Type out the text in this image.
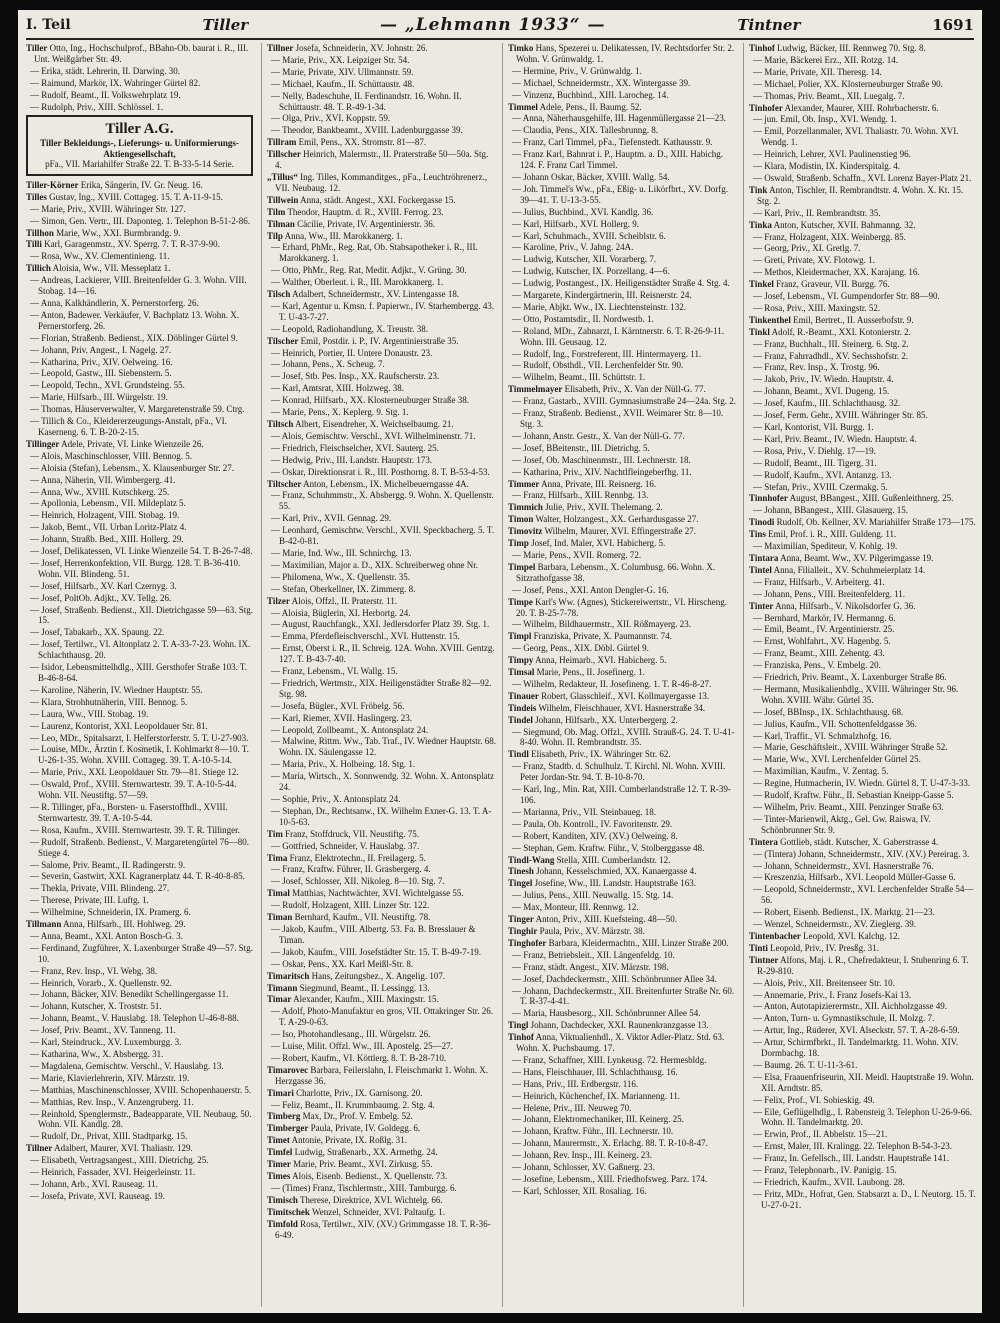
I. Teil	Tiller	— „Lehmann 1933“ —	Tintner	1691
Tiller Otto, Ing., Hochschulprof., BBahn-Ob. baurat i. R., III. Unt. Weißgärber Str. 49.
— Erika, städt. Lehrerin, II. Darwing. 30.
— Raimund, Markör, IX. Wahringer Gürtel 82.
— Rudolf, Beamt., II. Volkswehrplatz 19.
— Rudolph, Priv., XIII. Schlössel. 1.
Tiller A.G.
Tiller Bekleidungs-, Lieferungs- u. Uniformierungs-Aktiengesellschaft,
pFa., VII. Mariahilfer Straße 22. T. B-33-5-14 Serie.
Tiller-Körner Erika, Sängerin, IV. Gr. Neug. 16.
Tilles Gustav, Ing., XVIII. Cottageg. 15. T. A-11-9-15.
— Marie, Priv., XVIII. Währinger Str. 127.
— Simon, Gen. Vertr., III. Daponteg. 1. Telephon B-51-2-86.
Tillhon Marie, Ww., XXI. Burmbrandg. 9.
Tilli Karl, Garagenmstr., XV. Sperrg. 7. T. R-37-9-90.
— Rosa, Ww., XV. Clementinieng. 11.
Tillich Aloisia, Ww., VII. Messeplatz 1.
— Andreas, Lackierer, VIII. Breitenfelder G. 3. Wohn. VIII. Stobag. 14—16.
— Anna, Kalkhändlerin, X. Pernerstorferg. 26.
— Anton, Badewer. Verkäufer, V. Bachplatz 13. Wohn. X. Pernerstorferg. 26.
— Florian, Straßenb. Bedienst., XIX. Döblinger Gürtel 9.
— Johann, Priv. Angest., I. Nagelg. 27.
— Katharina, Priv., XIV. Oelweing. 16.
— Leopold, Gastw., III. Siebenstern. 5.
— Leopold, Techn., XVI. Grundsteing. 55.
— Marie, Hilfsarb., III. Würgelstr. 19.
— Thomas, Häuserverwalter, V. Margaretenstraße 59. Ctrg.
— Tillich & Co., Kleidererzeugungs-Anstalt, pFa., VI. Kaserneng. 6. T. B-20-2-15.
Tillinger Adele, Private, VI. Linke Wienzeile 26.
— Alois, Maschinschlosser, VIII. Bennog. 5.
— Aloisia (Stefan), Lebensm., X. Klausenburger Str. 27.
— Anna, Näherin, VII. Wimbergerg. 41.
— Anna, Ww., XVIII. Kutschkerg. 25.
— Apollonia, Lebensm., VII. Mildeplatz 5.
— Heinrich, Holzagent, VIII. Stobag. 19.
— Jakob, Bemt., VII. Urban Loritz-Platz 4.
— Johann, Straßb. Bed., XIII. Hollerg. 29.
— Josef, Delikatessen, VI. Linke Wienzeile 54. T. B-26-7-48.
— Josef, Herrenkonfektion, VII. Burgg. 128. T. B-36-410. Wohn. VII. Blindeng. 51.
— Josef, Hilfsarb., XV. Karl Czernyg. 3.
— Josef, PoltOb. Adjkt., XV. Tellg. 26.
— Josef, Straßenb. Bedienst., XII. Dietrichgasse 59—63. Stg. 15.
— Josef, Tabakarb., XX. Spaung. 22.
— Josef, Tertilwr., VI. Altonplatz 2. T. A-33-7-23. Wohn. IX. Schlachthausg. 20.
— Isidor, Lebensmittelhdlg., XIII. Gersthofer Straße 103. T. B-46-8-64.
— Karoline, Näherin, IV. Wiedner Hauptstr. 55.
— Klara, Strohhutnäherin, VIII. Bennog. 5.
— Laura, Ww., VIII. Stobag. 19.
— Laurenz, Kontorist, XXI. Leopoldauer Str. 81.
— Leo, MDr., Spitalsarzt, I. Helferstorferstr. 5. T. U-27-903.
— Louise, MDr., Ärztin f. Kosmetik, I. Kohlmarkt 8—10. T. U-26-1-35. Wohn. XVIII. Cottageg. 39. T. A-10-5-14.
— Marie, Priv., XXI. Leopoldauer Str. 79—81. Stiege 12.
— Oswald, Prof., XVIII. Sternwartestr. 39. T. A-10-5-44. Wohn. VII. Neustiftg. 57—59.
— R. Tillinger, pFa., Borsten- u. Faserstoffhdl., XVIII. Sternwartestr. 39. T. A-10-5-44.
— Rosa, Kaufm., XVIII. Sternwartestr. 39. T. R. Tillinger.
— Rudolf, Straßenb. Bedienst., V. Margaretengürtel 76—80. Stiege 4.
— Salome, Priv. Beamt., II. Radingerstr. 9.
— Severin, Gastwirt, XXI. Kagranerplatz 44. T. R-40-8-85.
— Thekla, Private, VIII. Blindeng. 27.
— Therese, Private, III. Luftg. 1.
— Wilhelmine, Schneiderin, IX. Pramerg. 6.
Tillmann Anna, Hilfsarb., III. Hohlweg. 29.
— Anna, Beamt., XXI. Anton Bosch-G. 3.
— Ferdinand, Zugführer, X. Laxenburger Straße 49—57. Stg. 10.
— Franz, Rev. Insp., VI. Webg. 38.
— Heinrich, Vorarb., X. Quellenstr. 92.
— Johann, Bäcker, XIV. Benedikt Schellingergasse 11.
— Johann, Kutscher, X. Troststr. 51.
— Johann, Beamt., V. Hauslabg. 18. Telephon U-46-8-88.
— Josef, Priv. Beamt., XV. Tanneng. 11.
— Karl, Steindruck., XV. Luxemburgg. 3.
— Katharina, Ww., X. Absbergg. 31.
— Magdalena, Gemischtw. Verschl., V. Hauslabg. 13.
— Marie, Klavierlehrerin, XIV. Märzstr. 19.
— Matthias, Maschinenschlosser, XVIII. Schopenhauerstr. 5.
— Matthias, Rev. Insp., V. Anzengruberg. 11.
— Reinhold, Spenglermstr., Badeapparate, VII. Neubaug. 50. Wohn. VII. Kandlg. 28.
— Rudolf, Dr., Privat, XIII. Stadtparkg. 15.
Tillner Adalbert, Maurer, XVI. Thaliastr. 129.
— Elisabeth, Vertragsangest., XIII. Dietrichg. 25.
— Heinrich, Fassader, XVI. Heigerleinstr. 11.
— Johann, Arb., XVI. Rauseag. 11.
— Josefa, Private, XVI. Rauseag. 19.
Tillner Josefa, Schneiderin, XV. Johnstr. 26.
— Marie, Priv., XX. Leipziger Str. 54.
— Marie, Private, XIV. Ullmannstr. 59.
— Michael, Kaufm., II. Schüttaustr. 48.
— Nelly, Badeschuhe, II. Ferdinandstr. 16. Wohn. II. Schüttaustr. 48. T. R-49-1-34.
— Olga, Priv., XVI. Koppstr. 59.
— Theodor, Bankbeamt., XVIII. Ladenburggasse 39.
Tillram Emil, Pens., XX. Stromstr. 81—87.
Tillscher Heinrich, Malermstr., II. Praterstraße 50—50a. Stg. 4.
„Tillus“ Ing. Tilles, Kommanditges., pFa., Leuchtröhrenerz., VII. Neubaug. 12.
Tillwein Anna, städt. Angest., XXI. Fockergasse 15.
Tilm Theodor, Hauptm. d. R., XVIII. Ferrog. 23.
Tilman Cäcilie, Private, IV. Argentinierstr. 36.
Tilp Anna, Ww., III. Marokkanerg. 1.
— Erhard, PhMr., Reg. Rat, Ob. Stabsapotheker i. R., III. Marokkanerg. 1.
— Otto, PhMr., Reg. Rat, Medit. Adjkt., V. Grüng. 30.
— Walther, Oberleut. i. R., III. Marokkanerg. 1.
Tilsch Adalbert, Schneidermstr., XV. Lintengasse 18.
— Karl, Agentur u. Kmsn. f. Papierwr., IV. Starhembergg. 43. T. U-43-7-27.
— Leopold, Radiohandlung, X. Treustr. 38.
Tilscher Emil, Postdir. i. P., IV. Argentinierstraße 35.
— Heinrich, Portier, II. Untere Donaustr. 23.
— Johann, Pens., X. Scheug. 7.
— Josef, Stb. Pes. Insp., XX. Raufscherstr. 23.
— Karl, Amtsrat, XIII. Holzweg. 38.
— Konrad, Hilfsarb., XX. Klosterneuburger Straße 38.
— Marie, Pens., X. Keplerg. 9. Stg. 1.
Tiltsch Albert, Eisendreher, X. Weichselbaumg. 21.
— Alois, Gemischtw. Verschl., XVI. Wilhelminenstr. 71.
— Friedrich, Fleischselcher, XVI. Sauterg. 25.
— Hedwig, Priv., III. Landstr. Hauptstr. 173.
— Oskar, Direktionsrat i. R., III. Posthorng. 8. T. B-53-4-53.
Tiltscher Anton, Lebensm., IX. Michelbeuerngasse 4A.
— Franz, Schuhmmstr., X. Absbergg. 9. Wohn. X. Quellenstr. 55.
— Karl, Priv., XVII. Gennag. 29.
— Leonhard, Gemischtw. Verschl., XVII. Speckbacherg. 5. T. B-42-0-81.
— Marie, Ind. Ww., III. Schnirchg. 13.
— Maximilian, Major a. D., XIX. Schreiberweg ohne Nr.
— Philomena, Ww., X. Quellenstr. 35.
— Stefan, Oberkellner, IX. Zimmerg. 8.
Tilzer Alois, Offzl., II. Praterstr. 11.
— Aloisia, Büglerin, XI. Herbortg. 24.
— August, Rauchfangk., XXI. Jedlersdorfer Platz 39. Stg. 1.
— Emma, Pferdefleischverschl., XVI. Huttenstr. 15.
— Ernst, Oberst i. R., II. Schreig. 12A. Wohn. XVIII. Gentzg. 127. T. B-43-7-40.
— Franz, Lebensm., VI. Wallg. 15.
— Friedrich, Wertmstr., XIX. Heiligenstädter Straße 82—92. Stg. 98.
— Josefa, Bügler., XVI. Fröbelg. 56.
— Karl, Riemer, XVII. Haslingerg. 23.
— Leopold, Zollbeamt., X. Antonsplatz 24.
— Malwine, Rittm. Ww., Tab. Traf., IV. Wiedner Hauptstr. 68. Wohn. IX. Säulengasse 12.
— Maria, Priv., X. Holbeing. 18. Stg. 1.
— Maria, Wirtsch., X. Sonnwendg. 32. Wohn. X. Antonsplatz 24.
— Sophie, Priv., X. Antonsplatz 24.
— Stephan, Dr., Rechtsanw., IX. Wilhelm Exner-G. 13. T. A-10-5-63.
Tim Franz, Stoffdruck, VII. Neustiftg. 75.
— Gottfried, Schneider, V. Hauslabg. 37.
Tima Franz, Elektrotechn., II. Freilagerg. 5.
— Franz, Kraftw. Führer, II. Grasbergerg. 4.
— Josef, Schlosser, XII. Nikoleg. 8—10. Stg. 7.
Timal Matthias, Nachtwächter, XVI. Wichtelgasse 55.
— Rudolf, Holzagent, XIII. Linzer Str. 122.
Timan Bernhard, Kaufm., VII. Neustiftg. 78.
— Jakob, Kaufm., VIII. Albertg. 53. Fa. B. Bresslauer & Timan.
— Jakob, Kaufm., VIII. Josefstädter Str. 15. T. B-49-7-19.
— Oskar, Pens., XX. Karl Meißl-Str. 8.
Timaritsch Hans, Zeitungsbez., X. Angelig. 107.
Timann Siegmund, Beamt., II. Lessingg. 13.
Timar Alexander, Kaufm., XIII. Maxingstr. 15.
— Adolf, Photo-Manufaktur en gros, VII. Ottakringer Str. 26. T. A-29-0-63.
— Iso, Photohandlesang., III. Würgelstr. 26.
— Luise, Milit. Offzl. Ww., III. Apostelg. 25—27.
— Robert, Kaufm., VI. Köttlerg. 8. T. B-28-710.
Timarovec Barbara, Feilerslahn, I. Fleischmarkt 1. Wohn. X. Herzgasse 36.
Timari Charlotte, Priv., IX. Garnisong. 20.
— Feliz, Beamt., II. Krummbaumg. 2. Stg. 4.
Timberg Max, Dr., Prof. V. Embelg. 52.
Timberger Paula, Private, IV. Goldegg. 6.
Timet Antonie, Private, IX. Roßlg. 31.
Timfel Ludwig, Straßenarb., XX. Armethg. 24.
Timer Marie, Priv. Beamt., XVI. Zirkusg. 55.
Times Alois, Eisenb. Bedienst., X. Quellenstr. 73.
— (Times) Franz, Tischlermstr., XIII. Tamburgg. 6.
Timisch Therese, Direktrice, XVI. Wichtelg. 66.
Timitschek Wenzel, Schneider, XVI. Paltaufg. 1.
Timfold Rosa, Tertilwr., XIV. (XV.) Grimmgasse 18. T. R-36-6-49.
Timko Hans, Spezerei u. Delikatessen, IV. Rechtsdorfer Str. 2. Wohn. V. Grünwaldg. 1.
— Hermine, Priv., V. Grünwaldg. 1.
— Michael, Schneidermstr., XX. Wintergasse 39.
— Vinzenz, Buchbind., XIII. Larocheg. 14.
Timmel Adele, Pens., II. Baumg. 52.
— Anna, Näherhausgehilfe, III. Hagenmüllergasse 21—23.
— Claudia, Pens., XIX. Tallesbrunng. 8.
— Franz, Carl Timmel, pFa., Tiefenstedt. Kathausstr. 9.
— Franz Karl, Bahnrat i. P., Hauptm. a. D., XIII. Habichg. 124. F. Franz Carl Timmel.
— Johann Oskar, Bäcker, XVIII. Wallg. 54.
— Joh. Timmel's Ww., pFa., Eßig- u. Likörfbrt., XV. Dorfg. 39—41. T. U-13-3-55.
— Julius, Buchbind., XVI. Kandlg. 36.
— Karl, Hilfsarb., XVI. Hollerg. 9.
— Karl, Schuhmach., XVIII. Scheiblstr. 6.
— Karoline, Priv., V. Jahng. 24A.
— Ludwig, Kutscher, XII. Vorarberg. 7.
— Ludwig, Kutscher, IX. Porzellang. 4—6.
— Ludwig, Postangest., IX. Heiligenstädter Straße 4. Stg. 4.
— Margarete, Kindergärtnerin, III. Reisnerstr. 24.
— Marie, Abjkt. Ww., IX. Liechtensteinstr. 132.
— Otto, Postamtsdir., II. Nordwestb. 1.
— Roland, MDr., Zahnarzt, I. Kärntnerstr. 6. T. R-26-9-11. Wohn. III. Geusaug. 12.
— Rudolf, Ing., Forstreferent, III. Hintermayerg. 11.
— Rudolf, Obsthdl., VII. Lerchenfelder Str. 90.
— Wilhelm, Beamt., III. Schüttstr. 1.
Timmelmayer Elisabeth, Priv., X. Van der Nüll-G. 77.
— Franz, Gastarb., XVIII. Gymnasiumstraße 24—24a. Stg. 2.
— Franz, Straßenb. Bedienst., XVII. Weimarer Str. 8—10. Stg. 3.
— Johann, Anstr. Gestr., X. Van der Nüll-G. 77.
— Josef, BBeitenstr., III. Dietrichg. 5.
— Josef, Ob. Maschinenmstr., III. Lechnerstr. 18.
— Katharina, Priv., XIV. Nachtlfleingeberfhg. 11.
Timmer Anna, Private, III. Reisnerg. 16.
— Franz, Hilfsarb., XIII. Rennbg. 13.
Timmich Julie, Priv., XVII. Thelemang. 2.
Timon Walter, Holzangest., XX. Gerhardusgasse 27.
Timovitz Wilhelm, Maurer, XVI. Effingerstraße 27.
Timp Josef, Ind. Maler, XVI. Habicherg. 5.
— Marie, Pens., XVII. Romerg. 72.
Timpel Barbara, Lebensm., X. Columbusg. 66. Wohn. X. Sitzrathofgasse 38.
— Josef, Pens., XXI. Anton Dengler-G. 16.
Timpe Karl's Ww. (Agnes), Stickereiwertstr., VI. Hirscheng. 20. T. B-25-7-78.
— Wilhelm, Bildhauermstr., XII. Rößmayerg. 23.
Timpl Franziska, Private, X. Paumannstr. 74.
— Georg, Pens., XIX. Döbl. Gürtel 9.
Timpy Anna, Heimarb., XVI. Habicherg. 5.
Timsal Marie, Pens., II. Josefinerg. 1.
— Wilhelm, Redakteur, II. Josefineng. 1. T. R-46-8-27.
Tinauer Robert, Glasschleif., XVI. Kollmayergasse 13.
Tindeis Wilhelm, Fleischhauer, XVI. Hasnerstraße 34.
Tindel Johann, Hilfsarb., XX. Unterbergerg. 2.
— Siegmund, Ob. Mag. Offzl., XVIII. Strauß-G. 24. T. U-41-8-40. Wohn. II. Rembrandtstr. 35.
Tindl Elisabeth, Priv., IX. Währinger Str. 62.
— Franz, Stadtb. d. Schulhulz. T. Kirchl. Nl. Wohn. XVIII. Peter Jordan-Str. 94. T. B-10-8-70.
— Karl, Ing., Min. Rat, XIII. Cumberlandstraße 12. T. R-39-106.
— Marianna, Priv., VII. Steinbaueg. 18.
— Paula, Ob. Kontroll., IV. Favoritenstr. 29.
— Robert, Kanditen, XIV. (XV.) Oelweing. 8.
— Stephan, Gem. Kraftw. Führ., V. Stolberggasse 48.
Tindl-Wang Stella, XIII. Cumberlandstr. 12.
Tinesh Johann, Kesselschmied, XX. Kanaergasse 4.
Tingel Josefine, Ww., III. Landstr. Hauptstraße 163.
— Julius, Pens., XIII. Neuwallg. 15. Stg. 14.
— Max, Monteur, III. Rennwg. 12.
Tinger Anton, Priv., XIII. Kuefsteing. 48—50.
Tinghir Paula, Priv., XV. Märzstr. 38.
Tinghofer Barbara, Kleidermachtn., XIII. Linzer Straße 200.
— Franz, Betriebsleit., XII. Längenfeldg. 10.
— Franz, städt. Angest., XIV. Märzstr. 198.
— Josef, Dachdeckermstr., XIII. Schönbrunner Allee 34.
— Johann, Dachdeckermstr., XII. Breitenfurter Straße Nr. 60. T. R-37-4-41.
— Maria, Hausbesorg., XII. Schönbrunner Allee 54.
Tingl Johann, Dachdecker, XXI. Raunenkranzgasse 13.
Tinhof Anna, Viktualienhdl., X. Viktor Adler-Platz. Std. 63. Wohn. X. Puchsbaumg. 17.
— Franz, Schaffner, XIII. Lynkeusg. 72. Hermesbldg.
— Hans, Fleischhauer, III. Schlachthausg. 16.
— Hans, Priv., III. Erdbergstr. 116.
— Heinrich, Küchenchef, IX. Marianneng. 11.
— Helene, Priv., III. Neuweg 70.
— Johann, Elektromechaniker, III. Keinerg. 25.
— Johann, Kraftw. Führ., III. Lechnerstr. 10.
— Johann, Maurermstr., X. Erlachg. 88. T. R-10-8-47.
— Johann, Rev. Insp., III. Keinerg. 23.
— Johann, Schlosser, XV. Gaßnerg. 23.
— Josefine, Lebensm., XIII. Friedhofsweg. Parz. 174.
— Karl, Schlosser, XII. Rosaliag. 16.
Tinhof Ludwig, Bäcker, III. Rennweg 70. Stg. 8.
— Marie, Bäckerei Erz., XII. Rotzg. 14.
— Marie, Private, XII. Theresg. 14.
— Michael, Polier, XX. Klosterneuburger Straße 90.
— Thomas, Priv. Beamt., XII. Luegalg. 7.
Tinhofer Alexander, Maurer, XIII. Rohrbacherstr. 6.
— jun. Emil, Ob. Insp., XVI. Wendg. 1.
— Emil, Porzellanmaler, XVI. Thaliastr. 70. Wohn. XVI. Wendg. 1.
— Heinrich, Lehrer, XVI. Paulinenstieg 96.
— Klara, Modistin, IX. Kinderspitalg. 4.
— Oswald, Straßenb. Schaffn., XVI. Lorenz Bayer-Platz 21.
Tink Anton, Tischler, II. Rembrandtstr. 4. Wohn. X. Kt. 15. Stg. 2.
— Karl, Priv., II. Rembrandtstr. 35.
Tinka Anton, Kutscher, XVII. Bahmanng. 32.
— Franz, Holzagent, XIX. Weinbergg. 85.
— Georg, Priv., XI. Gretlg. 7.
— Greti, Private, XV. Flotowg. 1.
— Methos, Kleidermacher, XX. Karajang. 16.
Tinkel Franz, Graveur, VII. Burgg. 76.
— Josef, Lebensm., VI. Gumpendorfer Str. 88—90.
— Rosa, Priv., XIII. Maxingstr. 52.
Tinkenthel Emil, Bertret., II. Ausserbofstr. 9.
Tinkl Adolf, R.-Beamt., XXI. Kotonierstr. 2.
— Franz, Buchhalt., III. Steinerg. 6. Stg. 2.
— Franz, Fahrradhdl., XV. Sechsshofstr. 2.
— Franz, Rev. Insp., X. Trostg. 96.
— Jakob, Priv., IV. Wiedn. Hauptstr. 4.
— Johann, Beamt., XVI. Dugeng. 15.
— Josef, Kaufm., III. Schlachthausg. 32.
— Josef, Ferm. Gehr., XVIII. Währinger Str. 85.
— Karl, Kontorist, VII. Burgg. 1.
— Karl, Priv. Beamt., IV. Wiedn. Hauptstr. 4.
— Rosa, Priv., V. Diehlg. 17—19.
— Rudolf, Beamt., III. Tigerg. 31.
— Rudolf, Kaufm., XVI. Antanzg. 13.
— Stefan, Priv., XVIII. Czermakg. 5.
Tinnhofer August, BBangest., XIII. Gußenleithnerg. 25.
— Johann, BBangest., XIII. Glasauerg. 15.
Tinodi Rudolf, Ob. Kellner, XV. Mariahilfer Straße 173—175.
Tins Emil, Prof. i. R., XIII. Guldeng. 11.
— Maximilian, Spediteur, V. Kohlg. 19.
Tintara Anna, Beamt. Ww., XV. Pilgerimgasse 19.
Tintel Anna, Filialleit., XV. Schuhmeierplatz 14.
— Franz, Hilfsarb., V. Arbeiterg. 41.
— Johann, Pens., VIII. Breitenfelderg. 11.
Tinter Anna, Hilfsarb., V. Nikolsdorfer G. 36.
— Bernhard, Markör, IV. Hermanng. 6.
— Emil, Beamt., IV. Argentinierstr. 25.
— Ernst, Wohlfahrt., XV. Hagenbg. 5.
— Franz, Beamt., XIII. Zehentg. 43.
— Franziska, Pens., V. Embelg. 20.
— Friedrich, Priv. Beamt., X. Laxenburger Straße 86.
— Hermann, Musikalienhdlg., XVIII. Währinger Str. 96. Wohn. XVIII. Währ. Gürtel 35.
— Josef, BBInsp., IX. Schlachthausg. 68.
— Julius, Kaufm., VII. Schottenfeldgasse 36.
— Karl, Traffit., VI. Schmalzhofg. 16.
— Marie, Geschäftsleit., XVIII. Währinger Straße 52.
— Marie, Ww., XVI. Lerchenfelder Gürtel 25.
— Maximilian, Kaufm., V. Zentag. 5.
— Regine, Hutmacherin, IV. Wiedn. Gürtel 8. T. U-47-3-33.
— Rudolf, Kraftw. Führ., II. Sebastian Kneipp-Gasse 5.
— Wilhelm, Priv. Beamt., XIII. Penzinger Straße 63.
— Tinter-Marienwil, Aktg., Gel. Gw. Raiswa, IV. Schönbrunner Str. 9.
Tintera Gottlieb, städt. Kutscher, X. Gaberstrasse 4.
— (Tintera) Johann, Schneidermstr., XIV. (XV.) Pereirag. 3.
— Johann, Schneidermstr., XVI. Hasnerstraße 76.
— Kreszenzia, Hilfsarb., XVI. Leopold Müller-Gasse 6.
— Leopold, Schneidermstr., XVI. Lerchenfelder Straße 54—56.
— Robert, Eisenb. Bedienst., IX. Marktg. 21—23.
— Wenzel, Schneidermstr., XV. Zieglerg. 39.
Tintenbacher Leopold, XVI. Kalchg. 12.
Tinti Leopold, Priv., IV. Presßg. 31.
Tintner Alfons, Maj. i. R., Chefredakteur, I. Stubenring 6. T. R-29-810.
— Alois, Priv., XII. Breitenseer Str. 10.
— Annemarie, Priv., I. Franz Josefs-Kai 13.
— Anton, Autotapizierermstr., XII. Aichholzgasse 49.
— Anton, Turn- u. Gymnastikschule, II. Molzg. 7.
— Artur, Ing., Ruderer, XVI. Alseckstr. 57. T. A-28-6-59.
— Artur, Schirmfbrkt., II. Tandelmarktg. 11. Wohn. XIV. Dormbachg. 18.
— Baumg. 26. T. U-11-3-61.
— Elsa, Fraauenfriseurin, XII. Meidl. Hauptstraße 19. Wohn. XII. Arndtstr. 85.
— Felix, Prof., VI. Sobieskig. 49.
— Eile, Geflügelhdlg., I. Rabensteig 3. Telephon U-26-9-66. Wohn. II. Tandelmarktg. 20.
— Erwin, Prof., II. Abbelstr. 15—21.
— Ernst, Maler, III. Kralingg. 22. Telephon B-54-3-23.
— Franz, In. Gefellsch., III. Landstr. Hauptstraße 141.
— Franz, Telephonarb., IV. Panigig. 15.
— Friedrich, Kaufm., XVII. Laubong. 28.
— Fritz, MDr., Hofrat, Gen. Stabsarzt a. D., I. Neutorg. 15. T. U-27-0-21.
